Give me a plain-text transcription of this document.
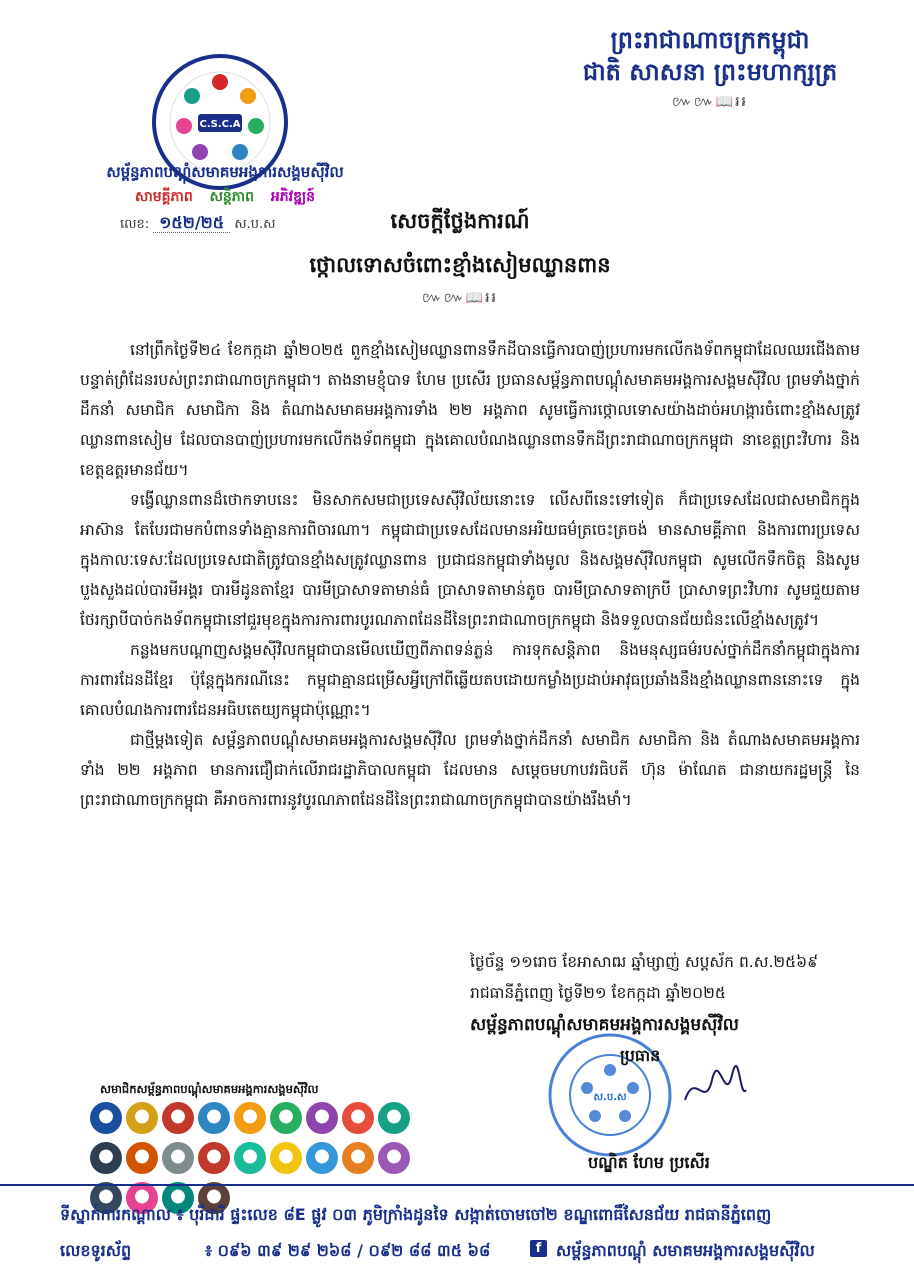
C.S.C.A
សម្ព័ន្ធភាពបណ្តុំសមាគមអង្គការសង្គមស៊ីវិល
សាមគ្គីភាព សន្តិភាព អភិវឌ្ឍន៍
លេខ: ១៥២/២៥ ស.ប.ស
ព្រះរាជាណាចក្រកម្ពុជា
ជាតិ សាសនា ព្រះមហាក្សត្រ
៚៚📖៛៛
សេចក្តីថ្លែងការណ៍
ថ្កោលទោសចំពោះខ្មាំងសៀមឈ្លានពាន
៚៚📖៛៛

នៅព្រឹកថ្ងៃទី២៤ ខែកក្កដា ឆ្នាំ២០២៥ ពួកខ្មាំងសៀមឈ្លានពានទឹកដីបានធ្វើការបាញ់ប្រហារមកលើកងទ័ពកម្ពុជាដែលឈរជើងតាមបន្ទាត់ព្រំដែនរបស់ព្រះរាជាណាចក្រកម្ពុជា។ តាងនាមខ្ញុំបាទ ហែម ប្រសើរ ប្រធានសម្ព័ន្ធភាពបណ្តុំសមាគមអង្គការសង្គមស៊ីវិល ព្រមទាំងថ្នាក់ដឹកនាំ សមាជិក សមាជិកា និង តំណាងសមាគមអង្គការទាំង ២២ អង្គភាព សូមធ្វើការថ្កោលទោសយ៉ាងដាច់អហង្ការចំពោះខ្មាំងសត្រូវឈ្លានពានសៀម ដែលបានបាញ់ប្រហារមកលើកងទ័ពកម្ពុជា ក្នុងគោលបំណងឈ្លានពានទឹកដីព្រះរាជាណាចក្រកម្ពុជា នាខេត្តព្រះវិហារ និងខេត្តឧត្តរមានជ័យ។

ទង្វើឈ្លានពានដ៏ថោកទាបនេះ មិនសាកសមជាប្រទេសស៊ីវិល័យនោះទេ លើសពីនេះទៅទៀត ក៏ជាប្រទេសដែលជាសមាជិកក្នុងអាស៊ាន តែបែរជាមកបំពានទាំងគ្មានការពិចារណា។ កម្ពុជាជាប្រទេសដែលមានអរិយធម៌ត្រចេះត្រចង់ មានសាមគ្គីភាព និងការពារប្រទេស ក្នុងកាលៈទេសៈដែលប្រទេសជាតិត្រូវបានខ្មាំងសត្រូវឈ្លានពាន ប្រជាជនកម្ពុជាទាំងមូល និងសង្គមស៊ីវិលកម្ពុជា សូមលើកទឹកចិត្ត និងសូមបួងសួងដល់បារមីអង្គរ បារមីដូនតាខ្មែរ បារមីប្រាសាទតាមាន់ធំ ប្រាសាទតាមាន់តូច បារមីប្រាសាទតាក្របី ប្រាសាទព្រះវិហារ សូមជួយតាមថែរក្សាបីបាច់កងទ័ពកម្ពុជានៅជួរមុខក្នុងការការពារបូរណភាពដែនដីនៃព្រះរាជាណាចក្រកម្ពុជា និងទទួលបានជ័យជំនះលើខ្មាំងសត្រូវ។

កន្លងមកបណ្តាញសង្គមស៊ីវិលកម្ពុជាបានមើលឃើញពីភាពទន់ភ្លន់ ការទុកសន្តិភាព និងមនុស្សធម៌របស់ថ្នាក់ដឹកនាំកម្ពុជាក្នុងការការពារដែនដីខ្មែរ ប៉ុន្តែក្នុងករណីនេះ កម្ពុជាគ្មានជម្រើសអ្វីក្រៅពីឆ្លើយតបដោយកម្លាំងប្រដាប់អាវុធប្រឆាំងនឹងខ្មាំងឈ្លានពាននោះទេ ក្នុងគោលបំណងការពារដែនអធិបតេយ្យកម្ពុជាប៉ុណ្ណោះ។

ជាថ្មីម្តងទៀត សម្ព័ន្ធភាពបណ្តុំសមាគមអង្គការសង្គមស៊ីវិល ព្រមទាំងថ្នាក់ដឹកនាំ សមាជិក សមាជិកា និង តំណាងសមាគមអង្គការទាំង ២២ អង្គភាព មានការជឿជាក់លើរាជរដ្ឋាភិបាលកម្ពុជា ដែលមាន សម្តេចមហាបវរធិបតី ហ៊ុន ម៉ាណែត ជានាយករដ្ឋមន្ត្រី នៃ ព្រះរាជាណាចក្រកម្ពុជា គឺអាចការពារនូវបូរណភាពដែនដីនៃព្រះរាជាណាចក្រកម្ពុជាបានយ៉ាងរឹងមាំ។

ថ្ងៃច័ន្ទ ១១រោច ខែអាសាឍ ឆ្នាំម្សាញ់ សប្តស័ក ព.ស.២៥៦៩
រាជធានីភ្នំពេញ ថ្ងៃទី២១ ខែកក្កដា ឆ្នាំ២០២៥
សម្ព័ន្ធភាពបណ្តុំសមាគមអង្គការសង្គមស៊ីវិល
ស.ប.ស
ប្រធាន
បណ្ឌិត ហែម ប្រសើរ
សមាជិកសម្ព័ន្ធភាពបណ្តុំសមាគមអង្គការសង្គមស៊ីវិល
ទីស្នាក់ការកណ្តាល ៖ បុរីដារី ផ្ទះលេខ ៨E ផ្លូវ ០៣ ភូមិក្រាំងដូនទៃ សង្កាត់ចោមចៅ២ ខណ្ឌពោធិ៍សែនជ័យ រាជធានីភ្នំពេញ
លេខទូរស័ព្ទ	៖ ០៩៦ ៣៩ ២៩ ២៦៨ / ០៩២ ៨៨ ៣៥ ៦៨	f សម្ព័ន្ធភាពបណ្តុំ សមាគមអង្គការសង្គមស៊ីវិល
